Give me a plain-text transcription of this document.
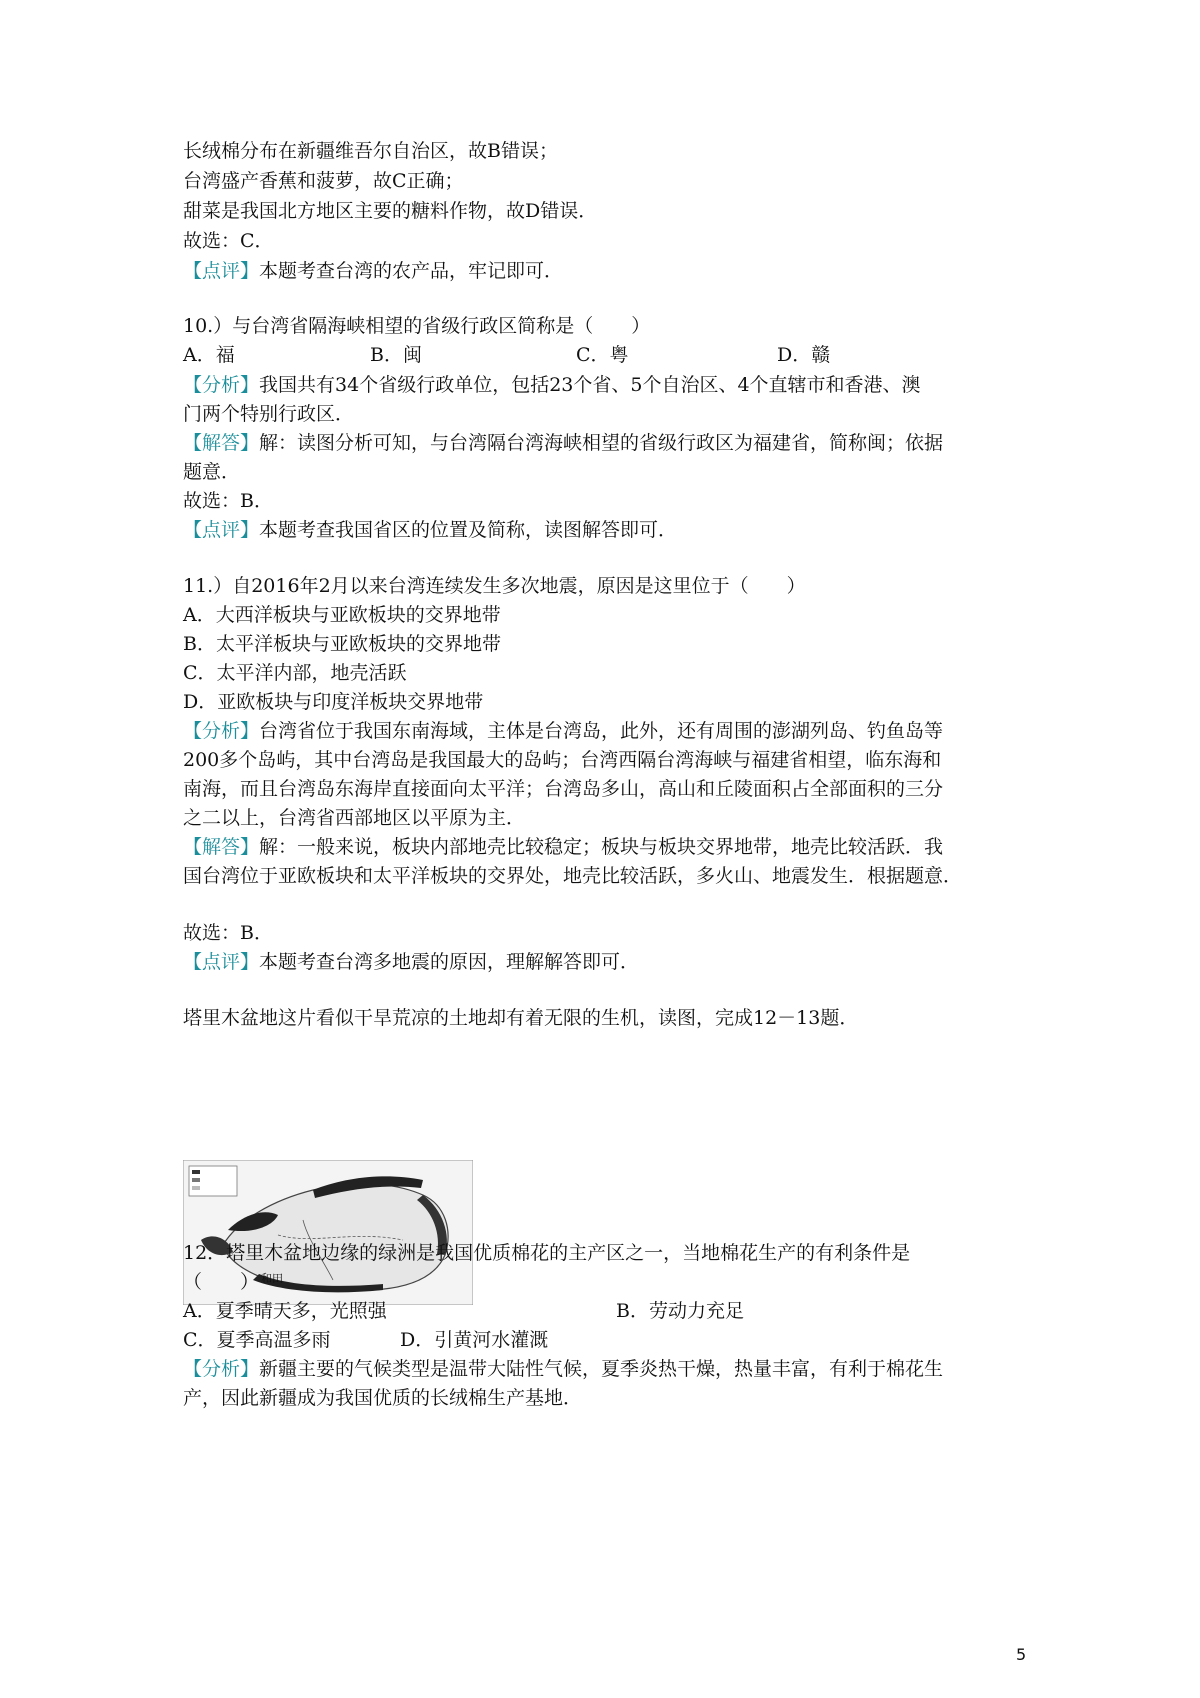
长绒棉分布在新疆维吾尔自治区，故B错误；
台湾盛产香蕉和菠萝，故C正确；
甜菜是我国北方地区主要的糖料作物，故D错误．
故选：C．
【点评】本题考查台湾的农产品，牢记即可．
10.）与台湾省隔海峡相望的省级行政区简称是（　　）
A．福	B．闽	C．粤	D．赣
【分析】我国共有34个省级行政单位，包括23个省、5个自治区、4个直辖市和香港、澳
门两个特别行政区．
【解答】解：读图分析可知，与台湾隔台湾海峡相望的省级行政区为福建省，简称闽；依据
题意．
故选：B．
【点评】本题考查我国省区的位置及简称，读图解答即可．
11.）自2016年2月以来台湾连续发生多次地震，原因是这里位于（　　）
A．大西洋板块与亚欧板块的交界地带
B．太平洋板块与亚欧板块的交界地带
C．太平洋内部，地壳活跃
D．亚欧板块与印度洋板块交界地带
【分析】台湾省位于我国东南海域，主体是台湾岛，此外，还有周围的澎湖列岛、钓鱼岛等
200多个岛屿，其中台湾岛是我国最大的岛屿；台湾西隔台湾海峡与福建省相望，临东海和
南海，而且台湾岛东海岸直接面向太平洋；台湾岛多山，高山和丘陵面积占全部面积的三分
之二以上，台湾省西部地区以平原为主．
【解答】解：一般来说，板块内部地壳比较稳定；板块与板块交界地带，地壳比较活跃．我
国台湾位于亚欧板块和太平洋板块的交界处，地壳比较活跃，多火山、地震发生．根据题意．
故选：B．
【点评】本题考查台湾多地震的原因，理解解答即可．
塔里木盆地这片看似干旱荒凉的土地却有着无限的生机，读图，完成12－13题．
和田
12．塔里木盆地边缘的绿洲是我国优质棉花的主产区之一，当地棉花生产的有利条件是
（　　）
A．夏季晴天多，光照强	B．劳动力充足
C．夏季高温多雨	D．引黄河水灌溉
【分析】新疆主要的气候类型是温带大陆性气候，夏季炎热干燥，热量丰富，有利于棉花生
产，因此新疆成为我国优质的长绒棉生产基地．
5
